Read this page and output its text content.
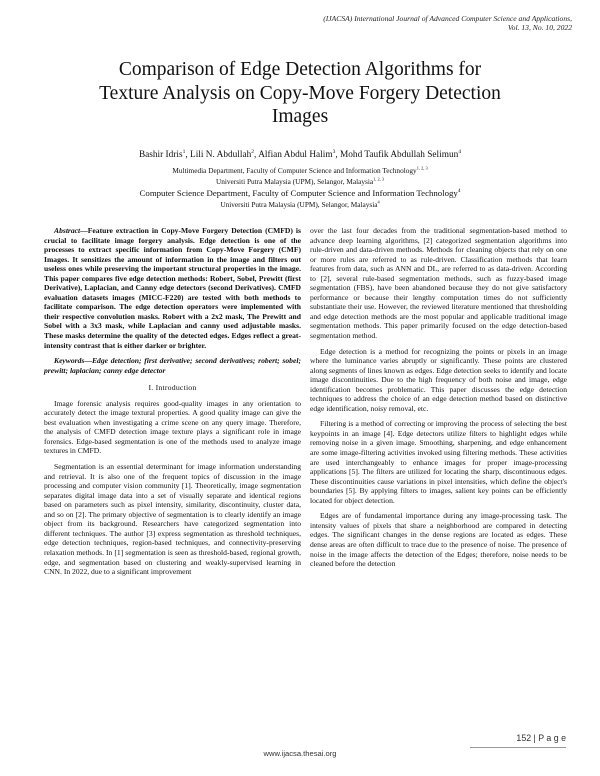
(IJACSA) International Journal of Advanced Computer Science and Applications,
Vol. 13, No. 10, 2022
Comparison of Edge Detection Algorithms for
Texture Analysis on Copy-Move Forgery Detection
Images
Bashir Idris$^1$, Lili N. Abdullah$^2$, Alfian Abdul Halim$^3$, Mohd Taufik Abdullah Selimun$^4$
Multimedia Department, Faculty of Computer Science and Information Technology$^{1, 2, 3}$
Universiti Putra Malaysia (UPM), Selangor, Malaysia$^{1, 2, 3}$
Computer Science Department, Faculty of Computer Science and Information Technology$^4$
Universiti Putra Malaysia (UPM), Selangor, Malaysia$^4$

Abstract—Feature extraction in Copy-Move Forgery Detection (CMFD) is crucial to facilitate image forgery analysis. Edge detection is one of the processes to extract specific information from Copy-Move Forgery (CMF) Images. It sensitizes the amount of information in the image and filters out useless ones while preserving the important structural properties in the image. This paper compares five edge detection methods: Robert, Sobel, Prewitt (first Derivative), Laplacian, and Canny edge detectors (second Derivatives). CMFD evaluation datasets images (MICC-F220) are tested with both methods to facilitate comparison. The edge detection operators were implemented with their respective convolution masks. Robert with a 2x2 mask, The Prewitt and Sobel with a 3x3 mask, while Laplacian and canny used adjustable masks. These masks determine the quality of the detected edges. Edges reflect a great-intensity contrast that is either darker or brighter.

Keywords—Edge detection; first derivative; second derivatives; robert; sobel; prewitt; laplacian; canny edge detector

I. Introduction

Image forensic analysis requires good-quality images in any orientation to accurately detect the image textural properties. A good quality image can give the best evaluation when investigating a crime scene on any query image. Therefore, the analysis of CMFD detection image texture plays a significant role in image forensics. Edge-based segmentation is one of the methods used to analyze image textures in CMFD.

Segmentation is an essential determinant for image information understanding and retrieval. It is also one of the frequent topics of discussion in the image processing and computer vision community [1]. Theoretically, image segmentation separates digital image data into a set of visually separate and identical regions based on parameters such as pixel intensity, similarity, discontinuity, cluster data, and so on [2]. The primary objective of segmentation is to clearly identify an image object from its background. Researchers have categorized segmentation into different techniques. The author [3] express segmentation as threshold techniques, edge detection techniques, region-based techniques, and connectivity-preserving relaxation methods. In [1] segmentation is seen as threshold-based, regional growth, edge, and segmentation based on clustering and weakly-supervised learning in CNN. In 2022, due to a significant improvement

over the last four decades from the traditional segmentation-based method to advance deep learning algorithms, [2] categorized segmentation algorithms into rule-driven and data-driven methods. Methods for cleaning objects that rely on one or more rules are referred to as rule-driven. Classification methods that learn features from data, such as ANN and DL, are referred to as data-driven. According to [2], several rule-based segmentation methods, such as fuzzy-based image segmentation (FBS), have been abandoned because they do not give satisfactory performance or because their lengthy computation times do not sufficiently substantiate their use. However, the reviewed literature mentioned that thresholding and edge detection methods are the most popular and applicable traditional image segmentation methods. This paper primarily focused on the edge detection-based segmentation method.

Edge detection is a method for recognizing the points or pixels in an image where the luminance varies abruptly or significantly. These points are clustered along segments of lines known as edges. Edge detection seeks to identify and locate image discontinuities. Due to the high frequency of both noise and image, edge identification becomes problematic. This paper discusses the edge detection techniques to address the choice of an edge detection method based on distinctive edge identification, noisy removal, etc.

Filtering is a method of correcting or improving the process of selecting the best keypoints in an image [4]. Edge detectors utilize filters to highlight edges while removing noise in a given image. Smoothing, sharpening, and edge enhancement are some image-filtering activities invoked using filtering methods. These activities are used interchangeably to enhance images for proper image-processing applications [5]. The filters are utilized for locating the sharp, discontinuous edges. These discontinuities cause variations in pixel intensities, which define the object's boundaries [5]. By applying filters to images, salient key points can be efficiently located for object detection.

Edges are of fundamental importance during any image-processing task. The intensity values of pixels that share a neighborhood are compared in detecting edges. The significant changes in the dense regions are located as edges. These dense areas are often difficult to trace due to the presence of noise. The presence of noise in the image affects the detection of the Edges; therefore, noise needs to be cleaned before the detection

152 | P a g e
www.ijacsa.thesai.org
